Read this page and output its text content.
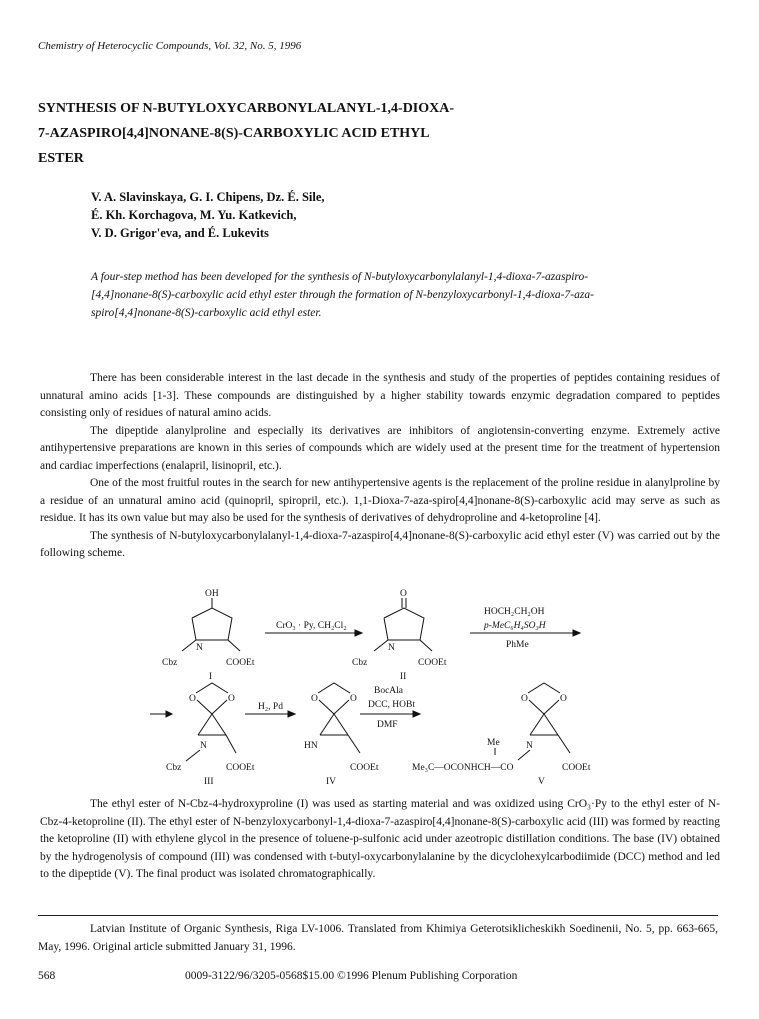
Chemistry of Heterocyclic Compounds, Vol. 32, No. 5, 1996
SYNTHESIS OF N-BUTYLOXYCARBONYLALANYL-1,4-DIOXA-
7-AZASPIRO[4,4]NONANE-8(S)-CARBOXYLIC ACID ETHYL
ESTER
V. A. Slavinskaya, G. I. Chipens, Dz. É. Sile,
É. Kh. Korchagova, M. Yu. Katkevich,
V. D. Grigor'eva, and É. Lukevits
A four-step method has been developed for the synthesis of N-butyloxycarbonylalanyl-1,4-dioxa-7-azaspiro-
[4,4]nonane-8(S)-carboxylic acid ethyl ester through the formation of N-benzyloxycarbonyl-1,4-dioxa-7-aza-
spiro[4,4]nonane-8(S)-carboxylic acid ethyl ester.

There has been considerable interest in the last decade in the synthesis and study of the properties of peptides containing residues of unnatural amino acids [1-3]. These compounds are distinguished by a higher stability towards enzymic degradation compared to peptides consisting only of residues of natural amino acids.

The dipeptide alanylproline and especially its derivatives are inhibitors of angiotensin-converting enzyme. Extremely active antihypertensive preparations are known in this series of compounds which are widely used at the present time for the treatment of hypertension and cardiac imperfections (enalapril, lisinopril, etc.).

One of the most fruitful routes in the search for new antihypertensive agents is the replacement of the proline residue in alanylproline by a residue of an unnatural amino acid (quinopril, spiropril, etc.). 1,1-Dioxa-7-aza-spiro[4,4]nonane-8(S)-carboxylic acid may serve as such as residue. It has its own value but may also be used for the synthesis of derivatives of dehydroproline and 4-ketoproline [4].

The synthesis of N-butyloxycarbonylalanyl-1,4-dioxa-7-azaspiro[4,4]nonane-8(S)-carboxylic acid ethyl ester (V) was carried out by the following scheme.

OH
N
Cbz	COOEt
I
CrO₃ · Py, CH₂Cl₂
O
N
Cbz	COOEt
II
HOCH₂CH₂OH
p-MeC₆H₄SO₃H
PhMe
O	O
N
Cbz	COOEt
III
H₂, Pd
O	O
HN
COOEt
IV
BocAla
DCC, HOBt
DMF
O	O
N
Me
Me₃C—OCONHCH—CO	COOEt
V

The ethyl ester of N-Cbz-4-hydroxyproline (I) was used as starting material and was oxidized using CrO₃·Py to the ethyl ester of N-Cbz-4-ketoproline (II). The ethyl ester of N-benzyloxycarbonyl-1,4-dioxa-7-azaspiro[4,4]nonane-8(S)-carboxylic acid (III) was formed by reacting the ketoproline (II) with ethylene glycol in the presence of toluene-p-sulfonic acid under azeotropic distillation conditions. The base (IV) obtained by the hydrogenolysis of compound (III) was condensed with t-butyl-oxycarbonylalanine by the dicyclohexylcarbodiimide (DCC) method and led to the dipeptide (V). The final product was isolated chromatographically.

Latvian Institute of Organic Synthesis, Riga LV-1006. Translated from Khimiya Geterotsiklicheskikh Soedinenii, No. 5, pp. 663-665, May, 1996. Original article submitted January 31, 1996.
568	0009-3122/96/3205-0568$15.00 ©1996 Plenum Publishing Corporation
